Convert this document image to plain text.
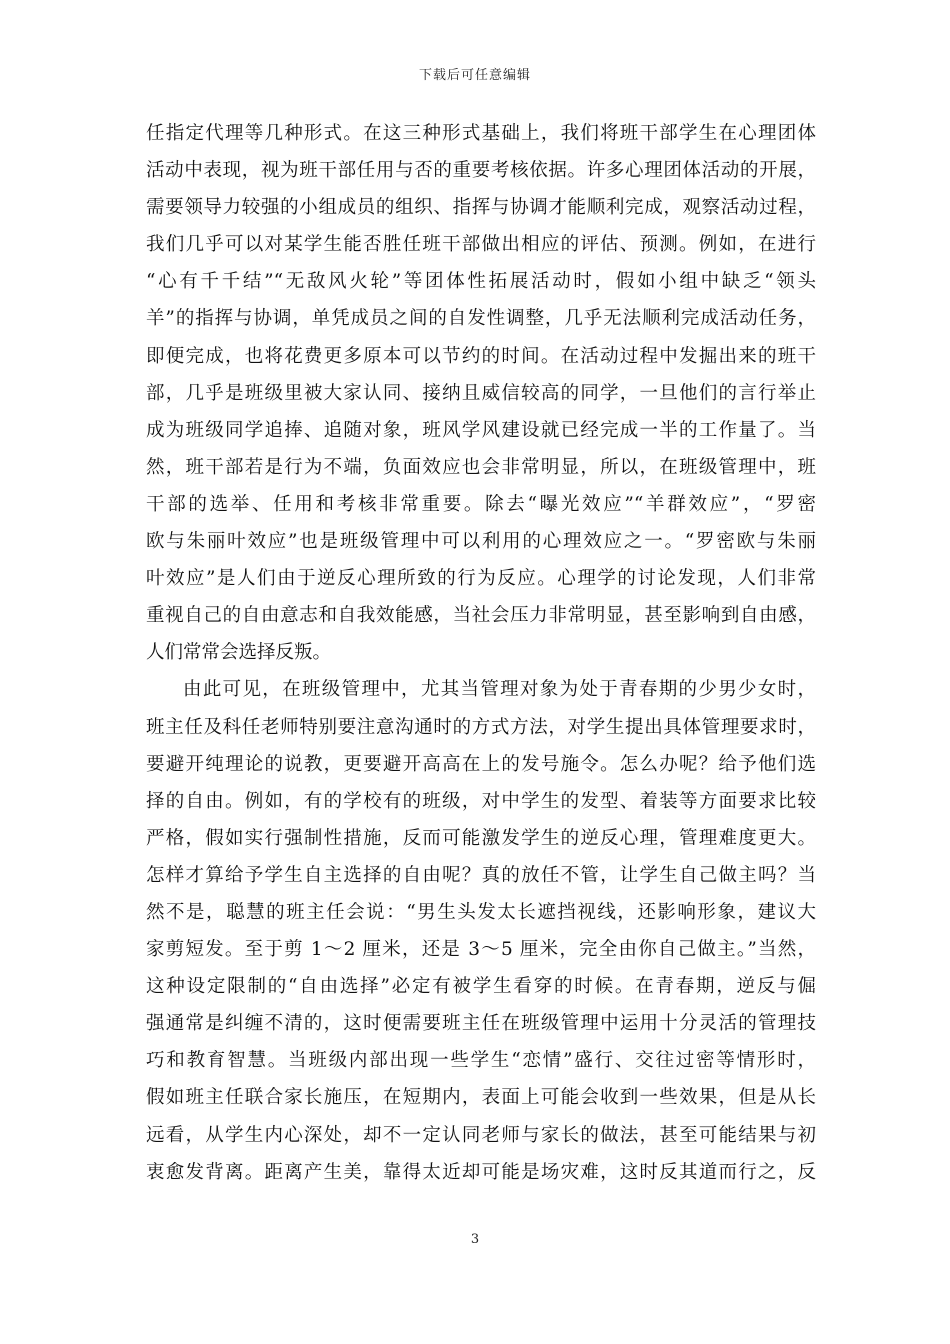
下载后可任意编辑
任指定代理等几种形式。在这三种形式基础上，我们将班干部学生在心理团体
活动中表现，视为班干部任用与否的重要考核依据。许多心理团体活动的开展，
需要领导力较强的小组成员的组织、指挥与协调才能顺利完成，观察活动过程，
我们几乎可以对某学生能否胜任班干部做出相应的评估、预测。例如，在进行
“心有千千结”“无敌风火轮”等团体性拓展活动时，假如小组中缺乏“领头
羊”的指挥与协调，单凭成员之间的自发性调整，几乎无法顺利完成活动任务，
即便完成，也将花费更多原本可以节约的时间。在活动过程中发掘出来的班干
部，几乎是班级里被大家认同、接纳且威信较高的同学，一旦他们的言行举止
成为班级同学追捧、追随对象，班风学风建设就已经完成一半的工作量了。当
然，班干部若是行为不端，负面效应也会非常明显，所以，在班级管理中，班
干部的选举、任用和考核非常重要。除去“曝光效应”“羊群效应”，“罗密
欧与朱丽叶效应”也是班级管理中可以利用的心理效应之一。“罗密欧与朱丽
叶效应”是人们由于逆反心理所致的行为反应。心理学的讨论发现，人们非常
重视自己的自由意志和自我效能感，当社会压力非常明显，甚至影响到自由感，
人们常常会选择反叛。
由此可见，在班级管理中，尤其当管理对象为处于青春期的少男少女时，
班主任及科任老师特别要注意沟通时的方式方法，对学生提出具体管理要求时，
要避开纯理论的说教，更要避开高高在上的发号施令。怎么办呢？给予他们选
择的自由。例如，有的学校有的班级，对中学生的发型、着装等方面要求比较
严格，假如实行强制性措施，反而可能激发学生的逆反心理，管理难度更大。
怎样才算给予学生自主选择的自由呢？真的放任不管，让学生自己做主吗？当
然不是，聪慧的班主任会说：“男生头发太长遮挡视线，还影响形象，建议大
家剪短发。至于剪 1～2 厘米，还是 3～5 厘米，完全由你自己做主。”当然，
这种设定限制的“自由选择”必定有被学生看穿的时候。在青春期，逆反与倔
强通常是纠缠不清的，这时便需要班主任在班级管理中运用十分灵活的管理技
巧和教育智慧。当班级内部出现一些学生“恋情”盛行、交往过密等情形时，
假如班主任联合家长施压，在短期内，表面上可能会收到一些效果，但是从长
远看，从学生内心深处，却不一定认同老师与家长的做法，甚至可能结果与初
衷愈发背离。距离产生美，靠得太近却可能是场灾难，这时反其道而行之，反
3
